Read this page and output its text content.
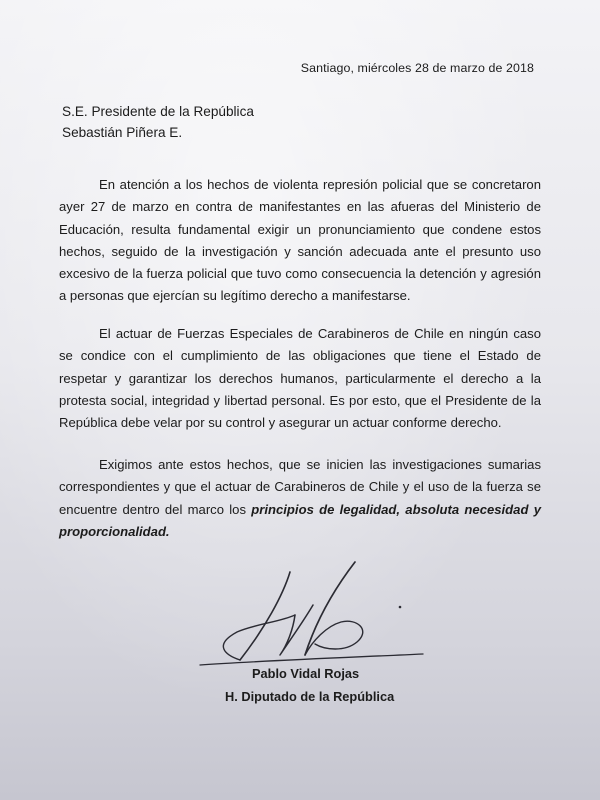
Santiago, miércoles 28 de marzo de 2018
S.E. Presidente de la República
Sebastián Piñera E.
En atención a los hechos de violenta represión policial que se concretaron ayer 27 de marzo en contra de manifestantes en las afueras del Ministerio de Educación, resulta fundamental exigir un pronunciamiento que condene estos hechos, seguido de la investigación y sanción adecuada ante el presunto uso excesivo de la fuerza policial que tuvo como consecuencia la detención y agresión a personas que ejercían su legítimo derecho a manifestarse.
El actuar de Fuerzas Especiales de Carabineros de Chile en ningún caso se condice con el cumplimiento de las obligaciones que tiene el Estado de respetar y garantizar los derechos humanos, particularmente el derecho a la protesta social, integridad y libertad personal. Es por esto, que el Presidente de la República debe velar por su control y asegurar un actuar conforme derecho.
Exigimos ante estos hechos, que se inicien las investigaciones sumarias correspondientes y que el actuar de Carabineros de Chile y el uso de la fuerza se encuentre dentro del marco los principios de legalidad, absoluta necesidad y proporcionalidad.
Pablo Vidal Rojas
H. Diputado de la República
